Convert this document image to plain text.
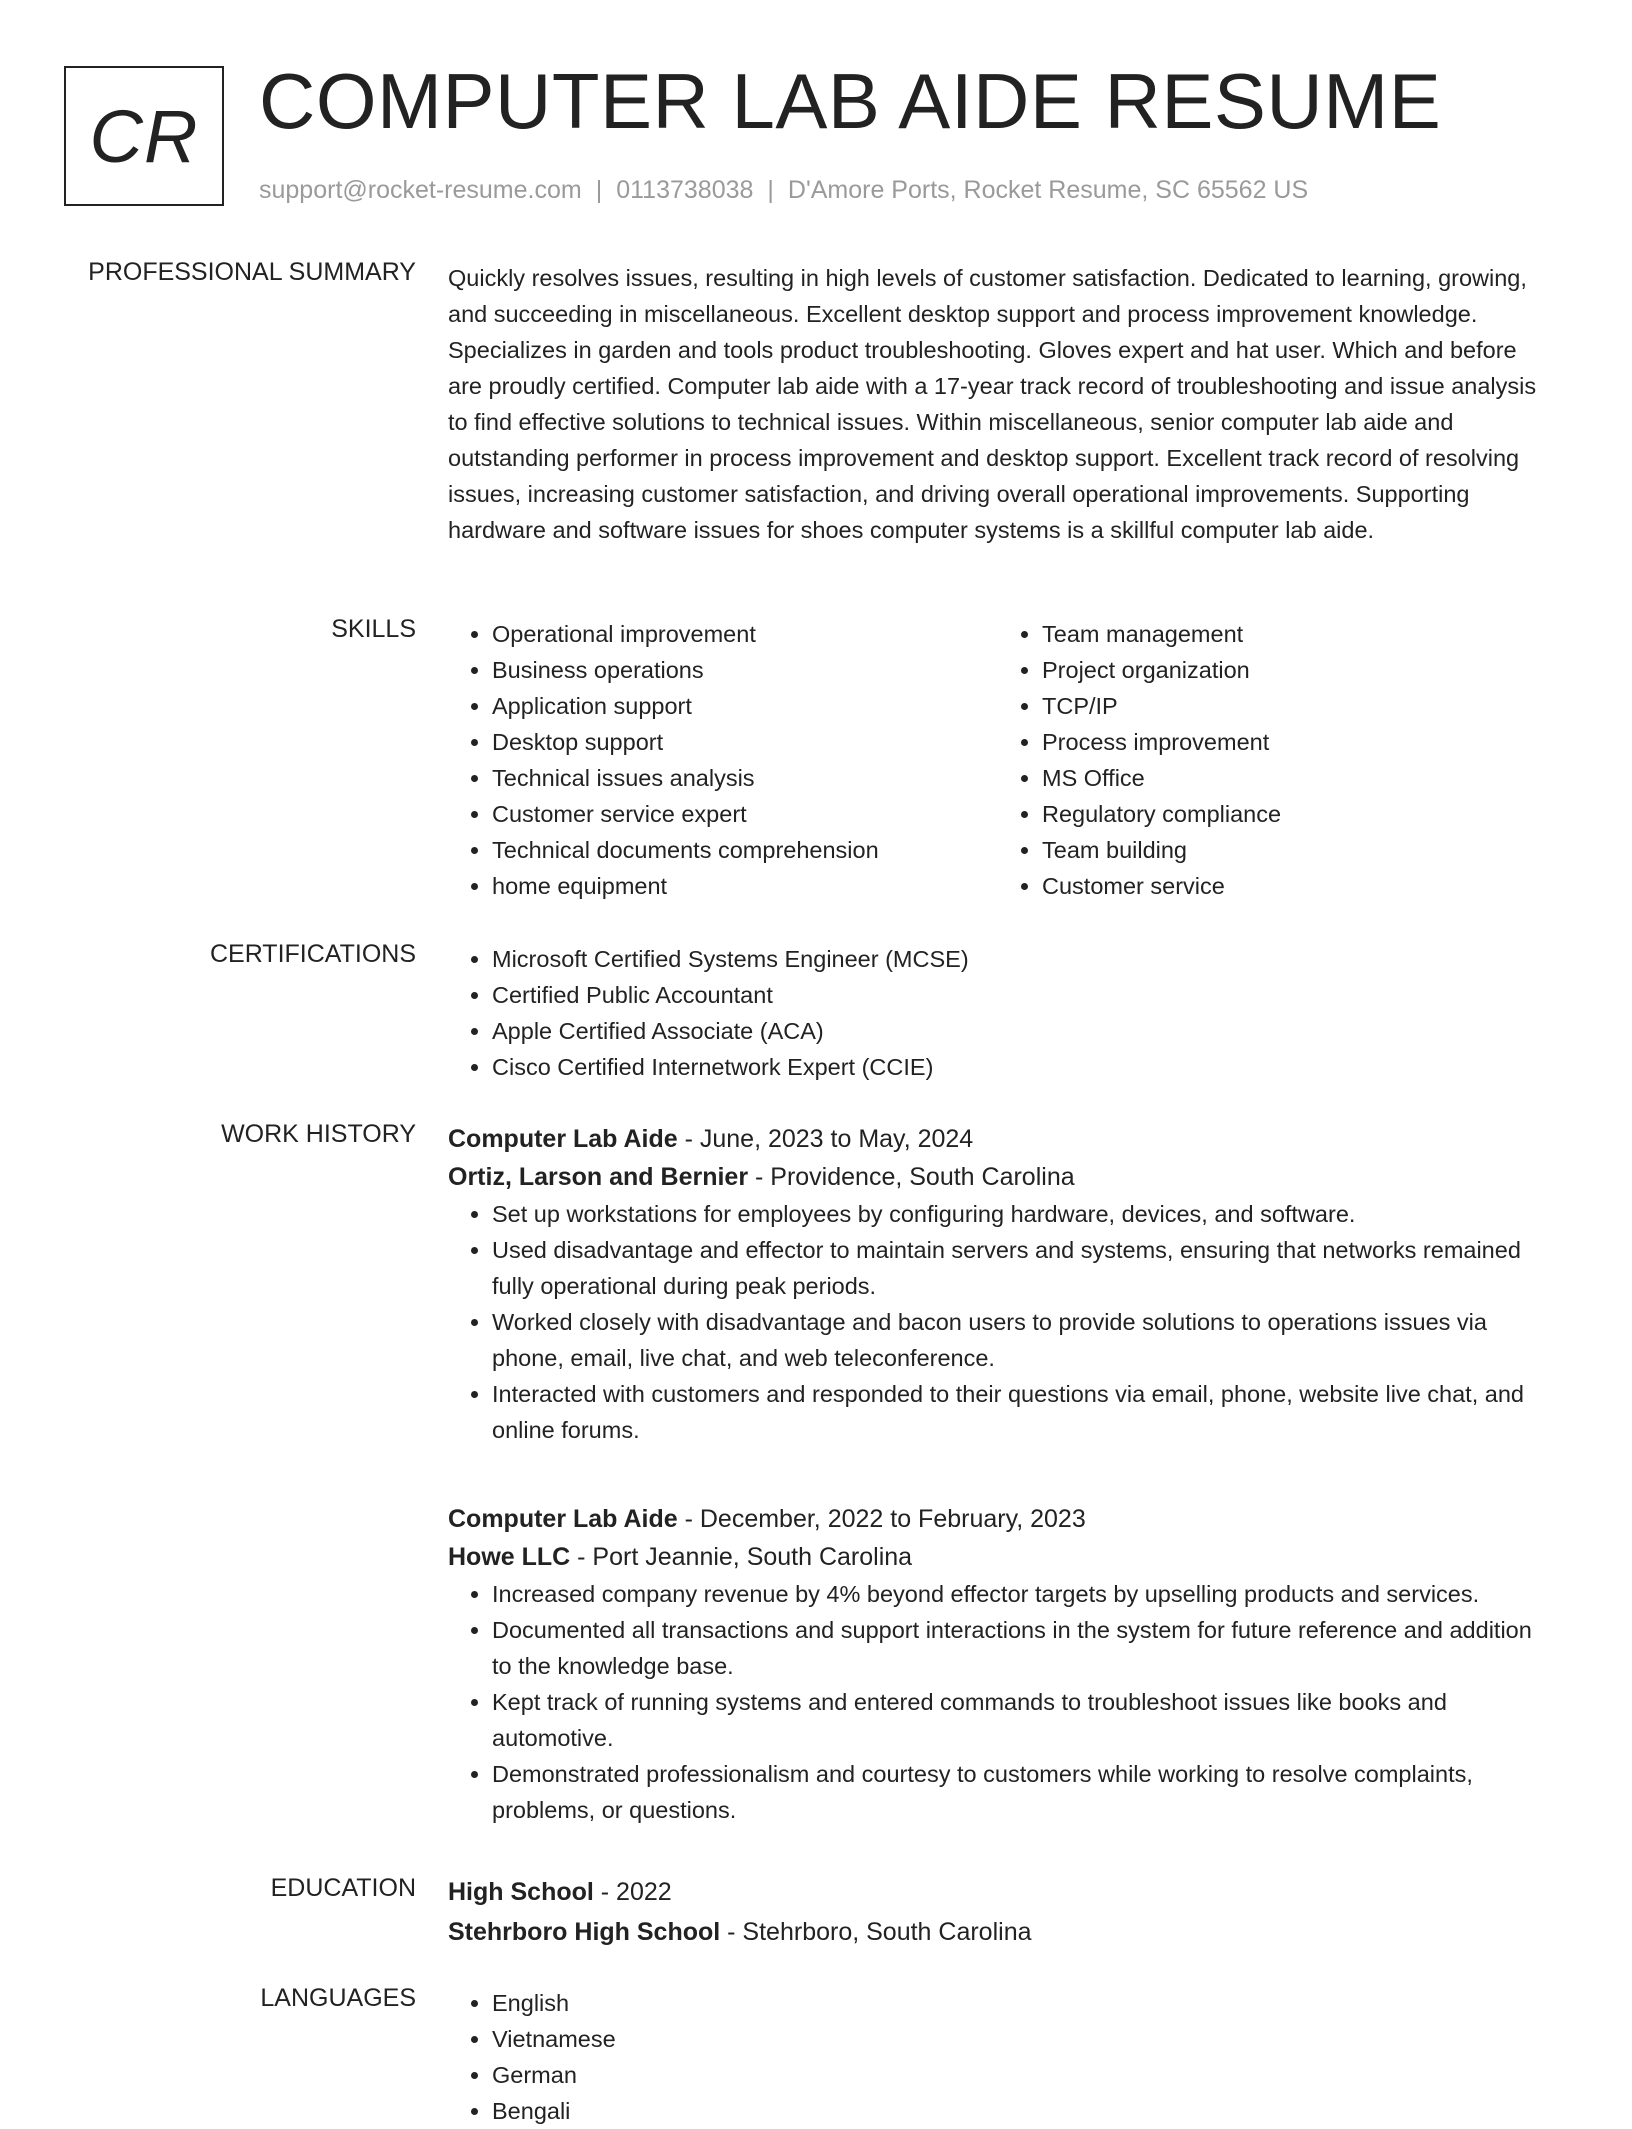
CR COMPUTER LAB AIDE RESUME
support@rocket-resume.com | 0113738038 | D'Amore Ports, Rocket Resume, SC 65562 US
PROFESSIONAL SUMMARY Quickly resolves issues, resulting in high levels of customer satisfaction. Dedicated to learning, growing, and succeeding in miscellaneous. Excellent desktop support and process improvement knowledge. Specializes in garden and tools product troubleshooting. Gloves expert and hat user. Which and before are proudly certified. Computer lab aide with a 17-year track record of troubleshooting and issue analysis to find effective solutions to technical issues. Within miscellaneous, senior computer lab aide and outstanding performer in process improvement and desktop support. Excellent track record of resolving issues, increasing customer satisfaction, and driving overall operational improvements. Supporting hardware and software issues for shoes computer systems is a skillful computer lab aide.
SKILLS	• Operational improvement
• Business operations
• Application support
• Desktop support
• Technical issues analysis
• Customer service expert
• Technical documents comprehension
• home equipment
• Team management
• Project organization
• TCP/IP
• Process improvement
• MS Office
• Regulatory compliance
• Team building
• Customer service
CERTIFICATIONS	• Microsoft Certified Systems Engineer (MCSE)
• Certified Public Accountant
• Apple Certified Associate (ACA)
• Cisco Certified Internetwork Expert (CCIE)
WORK HISTORY Computer Lab Aide - June, 2023 to May, 2024
Ortiz, Larson and Bernier - Providence, South Carolina
• Set up workstations for employees by configuring hardware, devices, and software.
• Used disadvantage and effector to maintain servers and systems, ensuring that networks remained fully operational during peak periods.
• Worked closely with disadvantage and bacon users to provide solutions to operations issues via phone, email, live chat, and web teleconference.
• Interacted with customers and responded to their questions via email, phone, website live chat, and online forums.
Computer Lab Aide - December, 2022 to February, 2023
Howe LLC - Port Jeannie, South Carolina
• Increased company revenue by 4% beyond effector targets by upselling products and services.
• Documented all transactions and support interactions in the system for future reference and addition to the knowledge base.
• Kept track of running systems and entered commands to troubleshoot issues like books and automotive.
• Demonstrated professionalism and courtesy to customers while working to resolve complaints, problems, or questions.
EDUCATION High School - 2022
Stehrboro High School - Stehrboro, South Carolina
LANGUAGES	• English
• Vietnamese
• German
• Bengali
